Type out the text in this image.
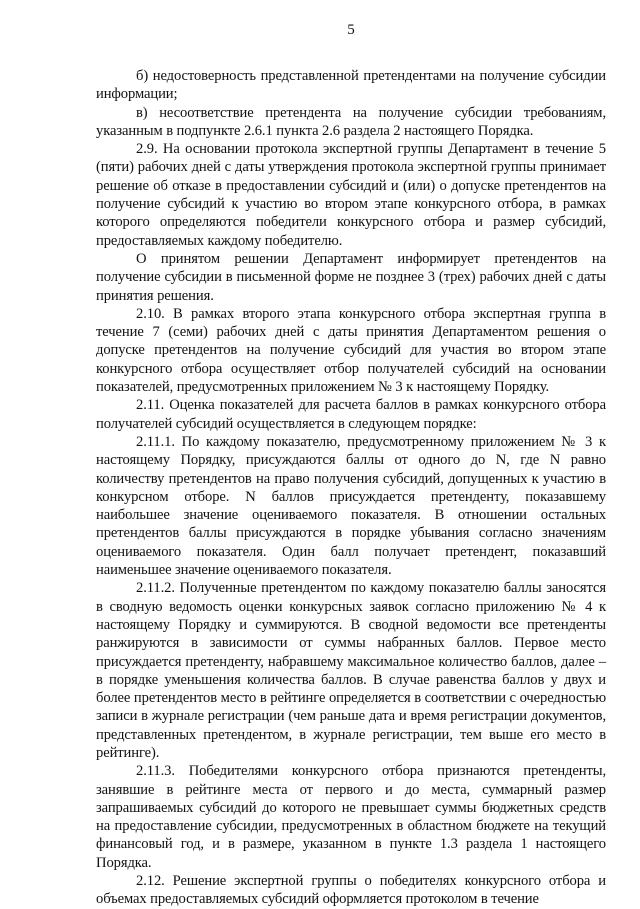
5

б) недостоверность представленной претендентами на получение субсидии информации;

в) несоответствие претендента на получение субсидии требованиям, указанным в подпункте 2.6.1 пункта 2.6 раздела 2 настоящего Порядка.

2.9. На основании протокола экспертной группы Департамент в течение 5 (пяти) рабочих дней с даты утверждения протокола экспертной группы принимает решение об отказе в предоставлении субсидий и (или) о допуске претендентов на получение субсидий к участию во втором этапе конкурсного отбора, в рамках которого определяются победители конкурсного отбора и размер субсидий, предоставляемых каждому победителю.

О принятом решении Департамент информирует претендентов на получение субсидии в письменной форме не позднее 3 (трех) рабочих дней с даты принятия решения.

2.10. В рамках второго этапа конкурсного отбора экспертная группа в течение 7 (семи) рабочих дней с даты принятия Департаментом решения о допуске претендентов на получение субсидий для участия во втором этапе конкурсного отбора осуществляет отбор получателей субсидий на основании показателей, предусмотренных приложением № 3 к настоящему Порядку.

2.11. Оценка показателей для расчета баллов в рамках конкурсного отбора получателей субсидий осуществляется в следующем порядке:

2.11.1. По каждому показателю, предусмотренному приложением № 3 к настоящему Порядку, присуждаются баллы от одного до N, где N равно количеству претендентов на право получения субсидий, допущенных к участию в конкурсном отборе. N баллов присуждается претенденту, показавшему наибольшее значение оцениваемого показателя. В отношении остальных претендентов баллы присуждаются в порядке убывания согласно значениям оцениваемого показателя. Один балл получает претендент, показавший наименьшее значение оцениваемого показателя.

2.11.2. Полученные претендентом по каждому показателю баллы заносятся в сводную ведомость оценки конкурсных заявок согласно приложению № 4 к настоящему Порядку и суммируются. В сводной ведомости все претенденты ранжируются в зависимости от суммы набранных баллов. Первое место присуждается претенденту, набравшему максимальное количество баллов, далее – в порядке уменьшения количества баллов. В случае равенства баллов у двух и более претендентов место в рейтинге определяется в соответствии с очередностью записи в журнале регистрации (чем раньше дата и время регистрации документов, представленных претендентом, в журнале регистрации, тем выше его место в рейтинге).

2.11.3. Победителями конкурсного отбора признаются претенденты, занявшие в рейтинге места от первого и до места, суммарный размер запрашиваемых субсидий до которого не превышает суммы бюджетных средств на предоставление субсидии, предусмотренных в областном бюджете на текущий финансовый год, и в размере, указанном в пункте 1.3 раздела 1 настоящего Порядка.

2.12. Решение экспертной группы о победителях конкурсного отбора и объемах предоставляемых субсидий оформляется протоколом в течение
